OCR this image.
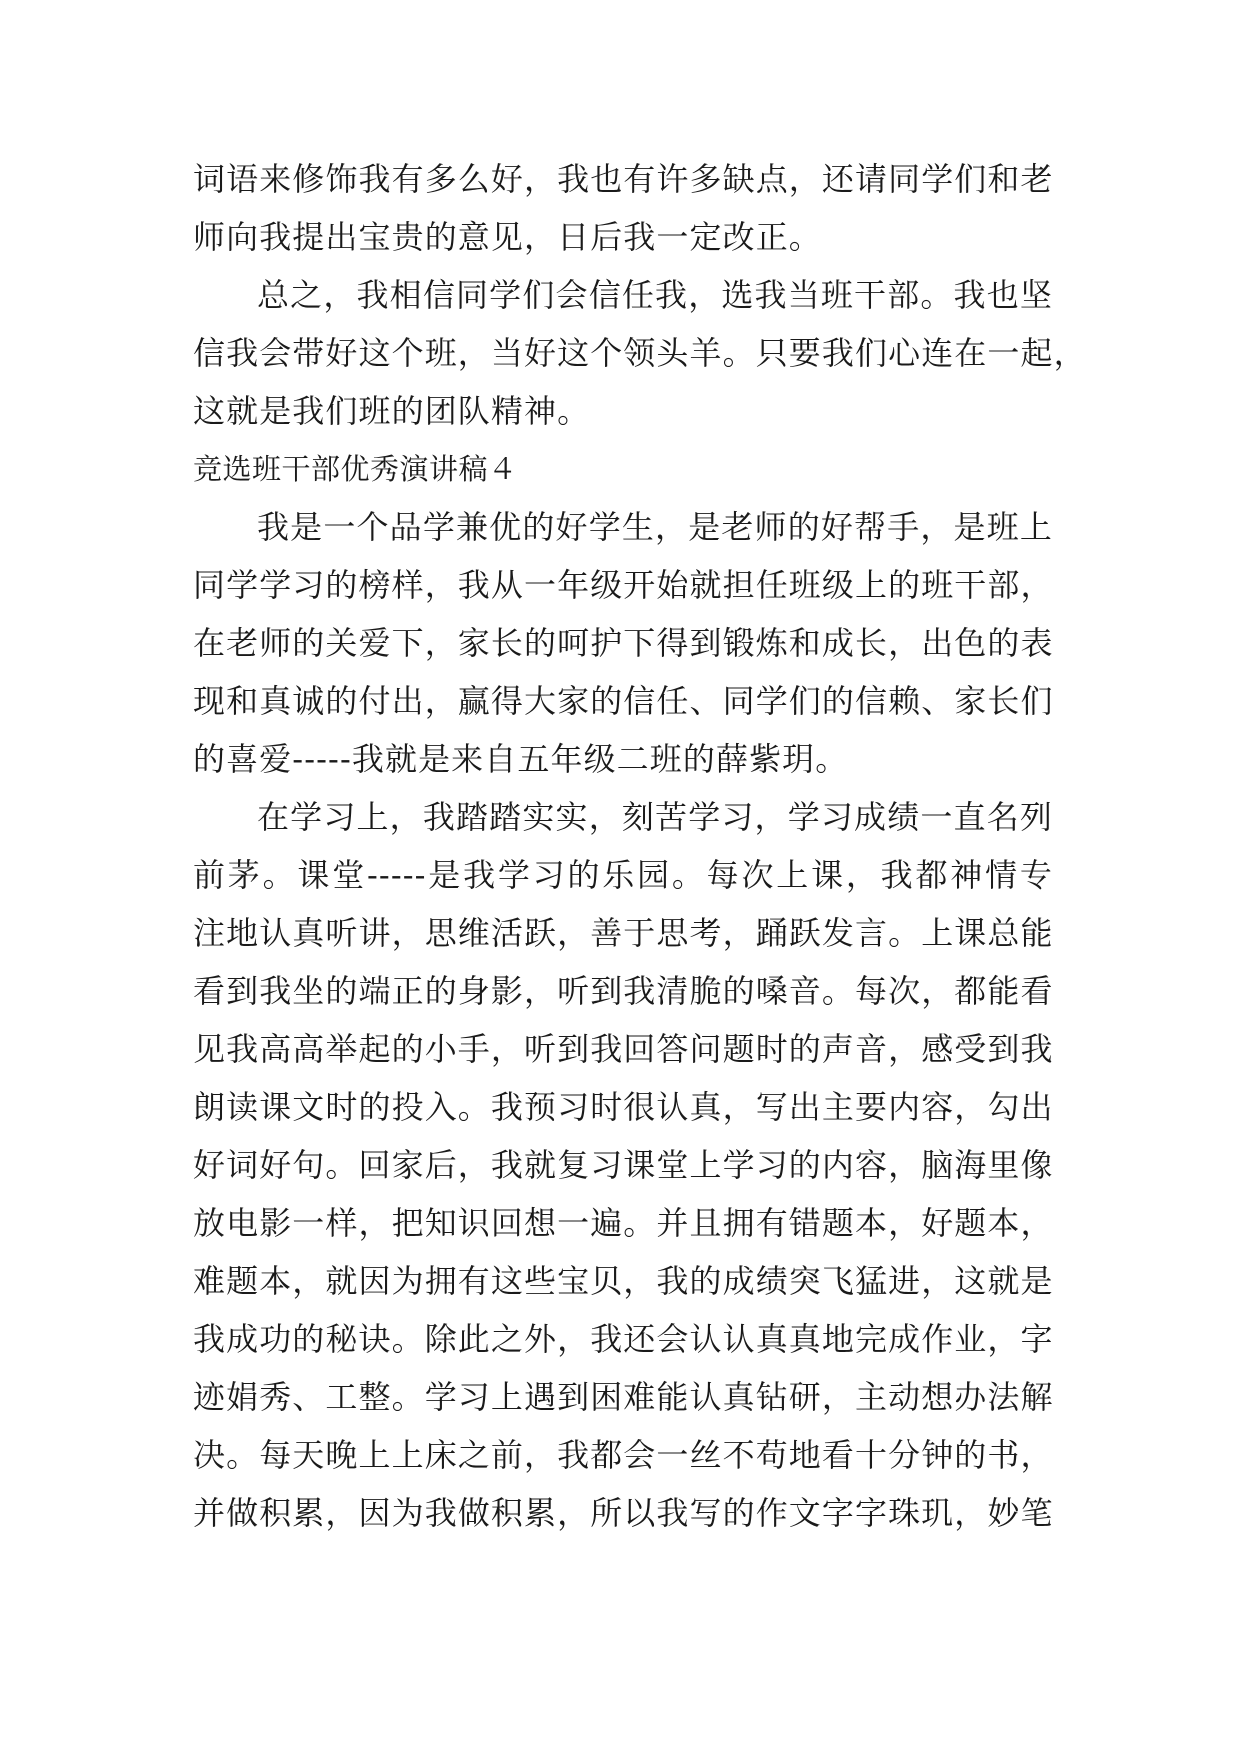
词语来修饰我有多么好，我也有许多缺点，还请同学们和老
师向我提出宝贵的意见，日后我一定改正。
总之，我相信同学们会信任我，选我当班干部。我也坚
信我会带好这个班，当好这个领头羊。只要我们心连在一起，
这就是我们班的团队精神。
竞选班干部优秀演讲稿４
我是一个品学兼优的好学生，是老师的好帮手，是班上
同学学习的榜样，我从一年级开始就担任班级上的班干部，
在老师的关爱下，家长的呵护下得到锻炼和成长，出色的表
现和真诚的付出，赢得大家的信任、同学们的信赖、家长们
的喜爱-----我就是来自五年级二班的薛紫玥。
在学习上，我踏踏实实，刻苦学习，学习成绩一直名列
前茅。课堂-----是我学习的乐园。每次上课，我都神情专
注地认真听讲，思维活跃，善于思考，踊跃发言。上课总能
看到我坐的端正的身影，听到我清脆的嗓音。每次，都能看
见我高高举起的小手，听到我回答问题时的声音，感受到我
朗读课文时的投入。我预习时很认真，写出主要内容，勾出
好词好句。回家后，我就复习课堂上学习的内容，脑海里像
放电影一样，把知识回想一遍。并且拥有错题本，好题本，
难题本，就因为拥有这些宝贝，我的成绩突飞猛进，这就是
我成功的秘诀。除此之外，我还会认认真真地完成作业，字
迹娟秀、工整。学习上遇到困难能认真钻研，主动想办法解
决。每天晚上上床之前，我都会一丝不苟地看十分钟的书，
并做积累，因为我做积累，所以我写的作文字字珠玑，妙笔
